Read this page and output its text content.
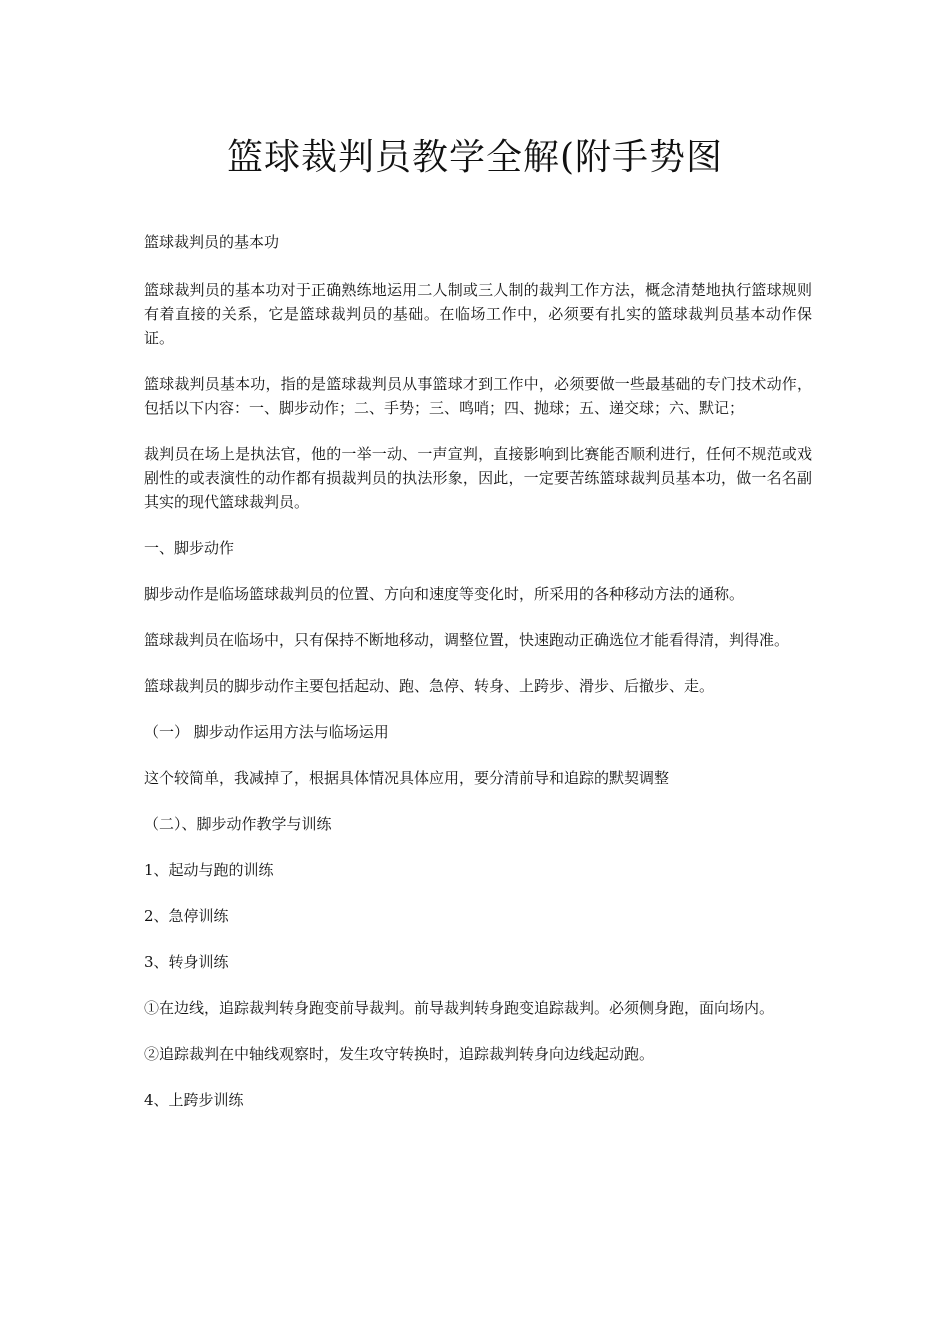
篮球裁判员教学全解(附手势图

篮球裁判员的基本功

篮球裁判员的基本功对于正确熟练地运用二人制或三人制的裁判工作方法，概念清楚地执行篮球规则有着直接的关系，它是篮球裁判员的基础。在临场工作中，必须要有扎实的篮球裁判员基本动作保证。

篮球裁判员基本功，指的是篮球裁判员从事篮球才到工作中，必须要做一些最基础的专门技术动作，包括以下内容：一、脚步动作；二、手势；三、鸣哨；四、抛球；五、递交球；六、默记；

裁判员在场上是执法官，他的一举一动、一声宣判，直接影响到比赛能否顺利进行，任何不规范或戏剧性的或表演性的动作都有损裁判员的执法形象，因此，一定要苦练篮球裁判员基本功，做一名名副其实的现代篮球裁判员。

一、脚步动作

脚步动作是临场篮球裁判员的位置、方向和速度等变化时，所采用的各种移动方法的通称。

篮球裁判员在临场中，只有保持不断地移动，调整位置，快速跑动正确选位才能看得清，判得准。

篮球裁判员的脚步动作主要包括起动、跑、急停、转身、上跨步、滑步、后撤步、走。

（一） 脚步动作运用方法与临场运用

这个较简单，我减掉了，根据具体情况具体应用，要分清前导和追踪的默契调整

（二）、脚步动作教学与训练

1、起动与跑的训练

2、急停训练

3、转身训练

①在边线，追踪裁判转身跑变前导裁判。前导裁判转身跑变追踪裁判。必须侧身跑，面向场内。

②追踪裁判在中轴线观察时，发生攻守转换时，追踪裁判转身向边线起动跑。

4、上跨步训练
